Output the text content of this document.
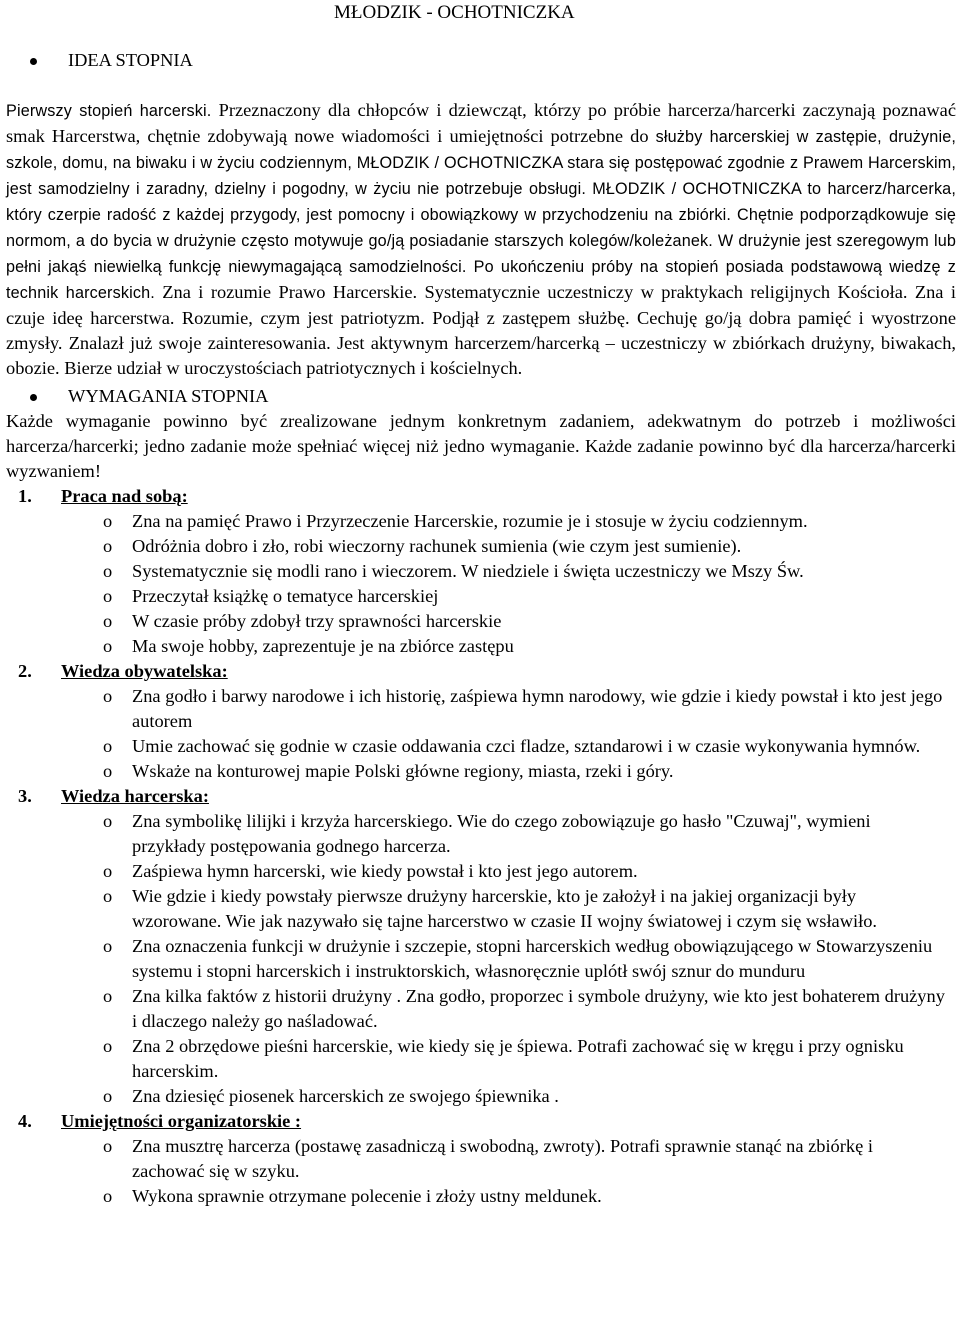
MŁODZIK - OCHOTNICZKA
IDEA STOPNIA

Pierwszy stopień harcerski. Przeznaczony dla chłopców i dziewcząt, którzy po próbie harcerza/harcerki zaczynają poznawać smak Harcerstwa, chętnie zdobywają nowe wiadomości i umiejętności potrzebne do służby harcerskiej w zastępie, drużynie, szkole, domu, na biwaku i w życiu codziennym, MŁODZIK / OCHOTNICZKA stara się postępować zgodnie z Prawem Harcerskim, jest samodzielny i zaradny, dzielny i pogodny, w życiu nie potrzebuje obsługi. MŁODZIK / OCHOTNICZKA to harcerz/harcerka, który czerpie radość z każdej przygody, jest pomocny i obowiązkowy w przychodzeniu na zbiórki. Chętnie podporządkowuje się normom, a do bycia w drużynie często motywuje go/ją posiadanie starszych kolegów/koleżanek. W drużynie jest szeregowym lub pełni jakąś niewielką funkcję niewymagającą samodzielności. Po ukończeniu próby na stopień posiada podstawową wiedzę z technik harcerskich. Zna i rozumie Prawo Harcerskie. Systematycznie uczestniczy w praktykach religijnych Kościoła. Zna i czuje ideę harcerstwa. Rozumie, czym jest patriotyzm. Podjął z zastępem służbę. Cechuję go/ją dobra pamięć i wyostrzone zmysły. Znalazł już swoje zainteresowania. Jest aktywnym harcerzem/harcerką – uczestniczy w zbiórkach drużyny, biwakach, obozie. Bierze udział w uroczystościach patriotycznych i kościelnych.

WYMAGANIA STOPNIA

Każde wymaganie powinno być zrealizowane jednym konkretnym zadaniem, adekwatnym do potrzeb i możliwości harcerza/harcerki; jedno zadanie może spełniać więcej niż jedno wymaganie. Każde zadanie powinno być dla harcerza/harcerki wyzwaniem!

1. Praca nad sobą:
o Zna na pamięć Prawo i Przyrzeczenie Harcerskie, rozumie je i stosuje w życiu codziennym.
o Odróżnia dobro i zło, robi wieczorny rachunek sumienia (wie czym jest sumienie).
o Systematycznie się modli rano i wieczorem. W niedziele i święta uczestniczy we Mszy Św.
o Przeczytał książkę o tematyce harcerskiej
o W czasie próby zdobył trzy sprawności harcerskie
o Ma swoje hobby, zaprezentuje je na zbiórce zastępu
2. Wiedza obywatelska:
o Zna godło i barwy narodowe i ich historię, zaśpiewa hymn narodowy, wie gdzie i kiedy powstał i kto jest jego autorem
o Umie zachować się godnie w czasie oddawania czci fladze, sztandarowi i w czasie wykonywania hymnów.
o Wskaże na konturowej mapie Polski główne regiony, miasta, rzeki i góry.
3. Wiedza harcerska:
o Zna symbolikę lilijki i krzyża harcerskiego. Wie do czego zobowiązuje go hasło "Czuwaj", wymieni przykłady postępowania godnego harcerza.
o Zaśpiewa hymn harcerski, wie kiedy powstał i kto jest jego autorem.
o Wie gdzie i kiedy powstały pierwsze drużyny harcerskie, kto je założył i na jakiej organizacji były wzorowane. Wie jak nazywało się tajne harcerstwo w czasie II wojny światowej i czym się wsławiło.
o Zna oznaczenia funkcji w drużynie i szczepie, stopni harcerskich według obowiązującego w Stowarzyszeniu systemu i stopni harcerskich i instruktorskich, własnoręcznie uplótł swój sznur do munduru
o Zna kilka faktów z historii drużyny . Zna godło, proporzec i symbole drużyny, wie kto jest bohaterem drużyny i dlaczego należy go naśladować.
o Zna 2 obrzędowe pieśni harcerskie, wie kiedy się je śpiewa. Potrafi zachować się w kręgu i przy ognisku harcerskim.
o Zna dziesięć piosenek harcerskich ze swojego śpiewnika .
4. Umiejętności organizatorskie :
o Zna musztrę harcerza (postawę zasadniczą i swobodną, zwroty). Potrafi sprawnie stanąć na zbiórkę i zachować się w szyku.
o Wykona sprawnie otrzymane polecenie i złoży ustny meldunek.
